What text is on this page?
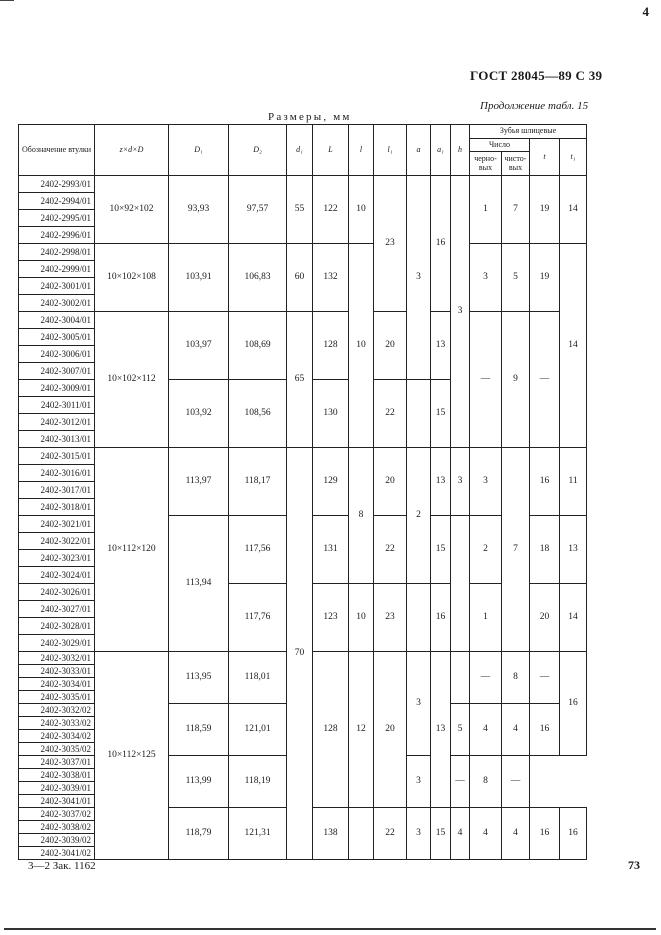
4
ГОСТ 28045—89 С 39
Продолжение табл. 15
Размеры, мм
Обозначение втулки	z×d×D	D₁	D₂	d₁	L	l	l₁	a	a₁	h	Зубья шлицевые			
											Число		t	t₁
											черно-вых	чисто-вых		
2402-2993/01	10×92×102	93,93	97,57	55	122	10	23	3	16	3	1	7	19	14
2402-2994/01														
2402-2995/01														
2402-2996/01														
2402-2998/01	10×102×108	103,91	106,83	60	132	10					3	5	19	14
2402-2999/01														
2402-3001/01														
2402-3002/01														
2402-3004/01	10×102×112	103,97	108,69	65	128		20		13		—	9	—	
2402-3005/01														
2402-3006/01														
2402-3007/01														
2402-3009/01		103,92	108,56		130		22		15					
2402-3011/01														
2402-3012/01														
2402-3013/01														
2402-3015/01	10×112×120	113,97	118,17	70	129	8	20	2	13	3	3	7	16	11
2402-3016/01														
2402-3017/01														
2402-3018/01														
2402-3021/01		113,94	117,56		131		22		15		2		18	13
2402-3022/01														
2402-3023/01														
2402-3024/01														
2402-3026/01			117,76		123	10	23		16		1		20	14
2402-3027/01														
2402-3028/01														
2402-3029/01														
2402-3032/01	10×112×125	113,95	118,01		128	12	20	3	13		—	8	—	16
2402-3033/01														
2402-3034/01														
2402-3035/01														
2402-3032/02		118,59	121,01							5	4	4	16	
2402-3033/02														
2402-3034/02														
2402-3035/02														
2402-3037/01		113,99	118,19					3		—	8	—		
2402-3038/01														
2402-3039/01														
2402-3041/01														
2402-3037/02		118,79	121,31		138		22	3	15	4	4	4	16	16
2402-3038/02														
2402-3039/02														
2402-3041/02														
3—2 Зак. 1162	73
